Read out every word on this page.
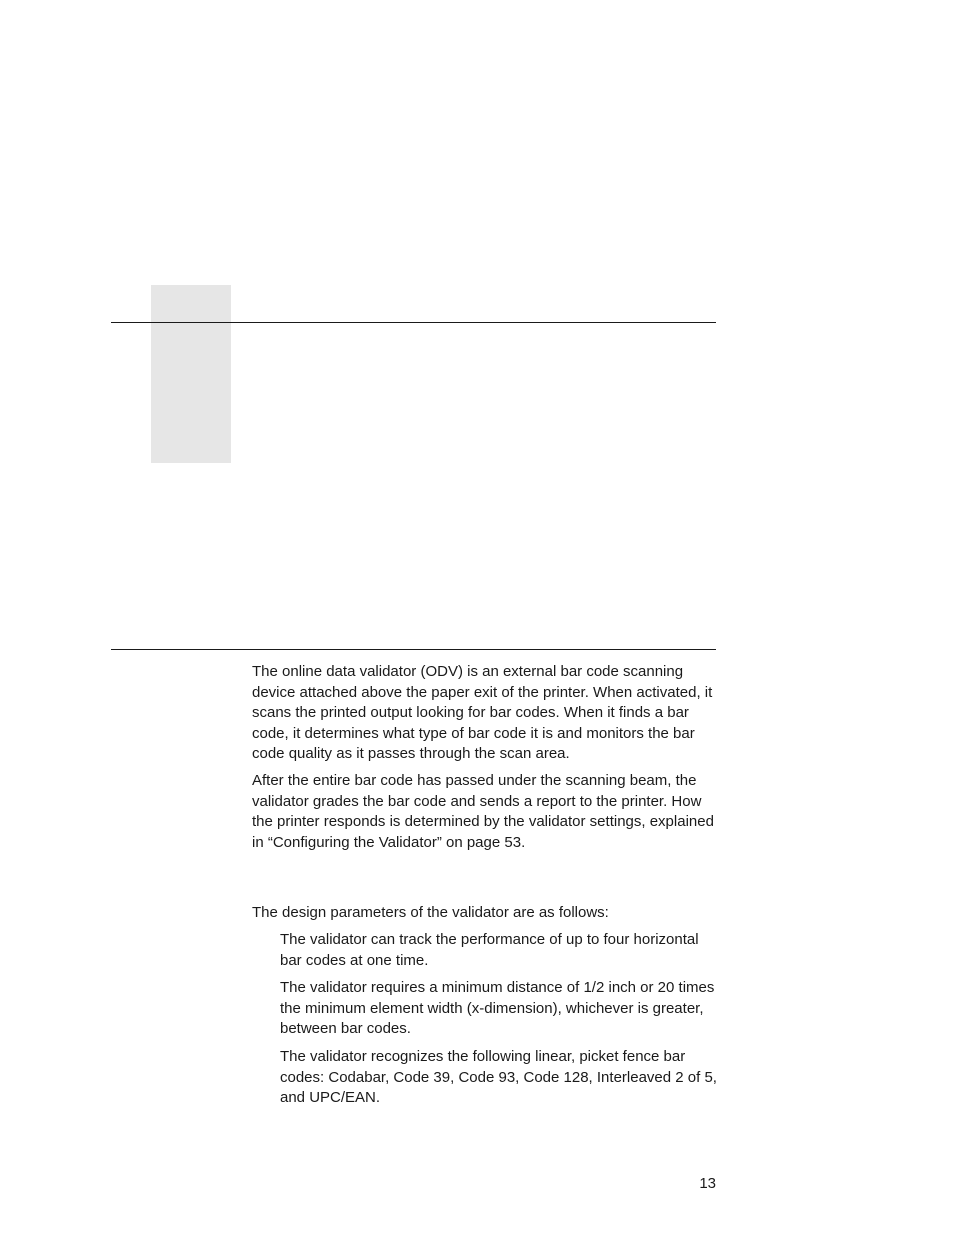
The online data validator (ODV) is an external bar code scanning device attached above the paper exit of the printer. When activated, it scans the printed output looking for bar codes. When it finds a bar code, it determines what type of bar code it is and monitors the bar code quality as it passes through the scan area.

After the entire bar code has passed under the scanning beam, the validator grades the bar code and sends a report to the printer. How the printer responds is determined by the validator settings, explained in “Configuring the Validator” on page 53.

The design parameters of the validator are as follows:

The validator can track the performance of up to four horizontal bar codes at one time.

The validator requires a minimum distance of 1/2 inch or 20 times the minimum element width (x-dimension), whichever is greater, between bar codes.

The validator recognizes the following linear, picket fence bar codes: Codabar, Code 39, Code 93, Code 128, Interleaved 2 of 5, and UPC/EAN.

13
